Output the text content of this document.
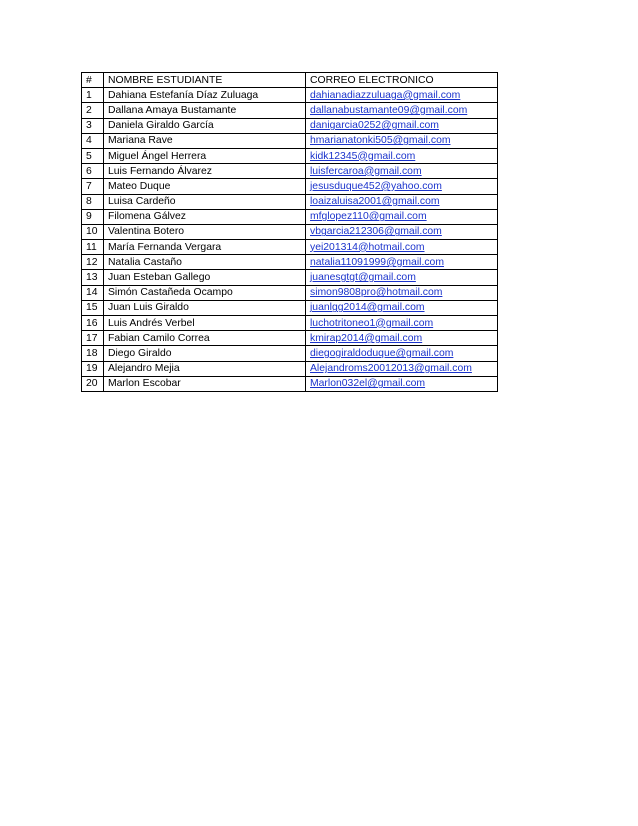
#	NOMBRE ESTUDIANTE	CORREO ELECTRONICO
1	Dahiana Estefanía Díaz Zuluaga	dahianadiazzuluaga@gmail.com
2	Dallana Amaya Bustamante	dallanabustamante09@gmail.com
3	Daniela Giraldo García	danigarcia0252@gmail.com
4	Mariana Rave	hmarianatonki505@gmail.com
5	Miguel Ángel Herrera	kidk12345@gmail.com
6	Luis Fernando Álvarez	luisfercaroa@gmail.com
7	Mateo Duque	jesusduque452@yahoo.com
8	Luisa Cardeño	loaizaluisa2001@gmail.com
9	Filomena Gálvez	mfglopez110@gmail.com
10	Valentina Botero	vbgarcia212306@gmail.com
11	María Fernanda Vergara	yei201314@hotmail.com
12	Natalia Castaño	natalia11091999@gmail.com
13	Juan Esteban Gallego	juanesgtgt@gmail.com
14	Simón Castañeda Ocampo	simon9808pro@hotmail.com
15	Juan Luis Giraldo	juanlgg2014@gmail.com
16	Luis Andrés Verbel	luchotritoneo1@gmail.com
17	Fabian Camilo Correa	kmirap2014@gmail.com
18	Diego Giraldo	diegogiraldoduque@gmail.com
19	Alejandro Mejia	Alejandroms20012013@gmail.com
20	Marlon Escobar	Marlon032el@gmail.com
